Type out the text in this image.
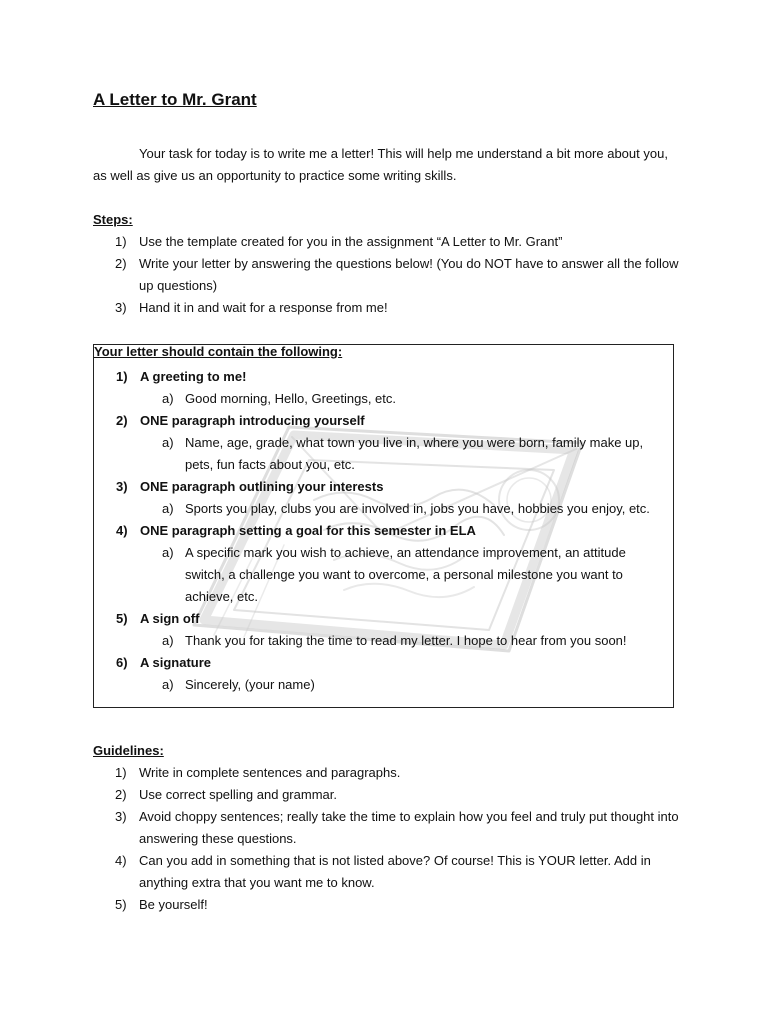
A Letter to Mr. Grant

Your task for today is to write me a letter! This will help me understand a bit more about you, as well as give us an opportunity to practice some writing skills.

Steps:
1) Use the template created for you in the assignment “A Letter to Mr. Grant”
2) Write your letter by answering the questions below! (You do NOT have to answer all the follow up questions)
3) Hand it in and wait for a response from me!
Your letter should contain the following:
1) A greeting to me!
a) Good morning, Hello, Greetings, etc.
2) ONE paragraph introducing yourself
a) Name, age, grade, what town you live in, where you were born, family make up, pets, fun facts about you, etc.
3) ONE paragraph outlining your interests
a) Sports you play, clubs you are involved in, jobs you have, hobbies you enjoy, etc.
4) ONE paragraph setting a goal for this semester in ELA
a) A specific mark you wish to achieve, an attendance improvement, an attitude switch, a challenge you want to overcome, a personal milestone you want to achieve, etc.
5) A sign off
a) Thank you for taking the time to read my letter. I hope to hear from you soon!
6) A signature
a) Sincerely, (your name)
Guidelines:
1) Write in complete sentences and paragraphs.
2) Use correct spelling and grammar.
3) Avoid choppy sentences; really take the time to explain how you feel and truly put thought into answering these questions.
4) Can you add in something that is not listed above? Of course! This is YOUR letter. Add in anything extra that you want me to know.
5) Be yourself!
